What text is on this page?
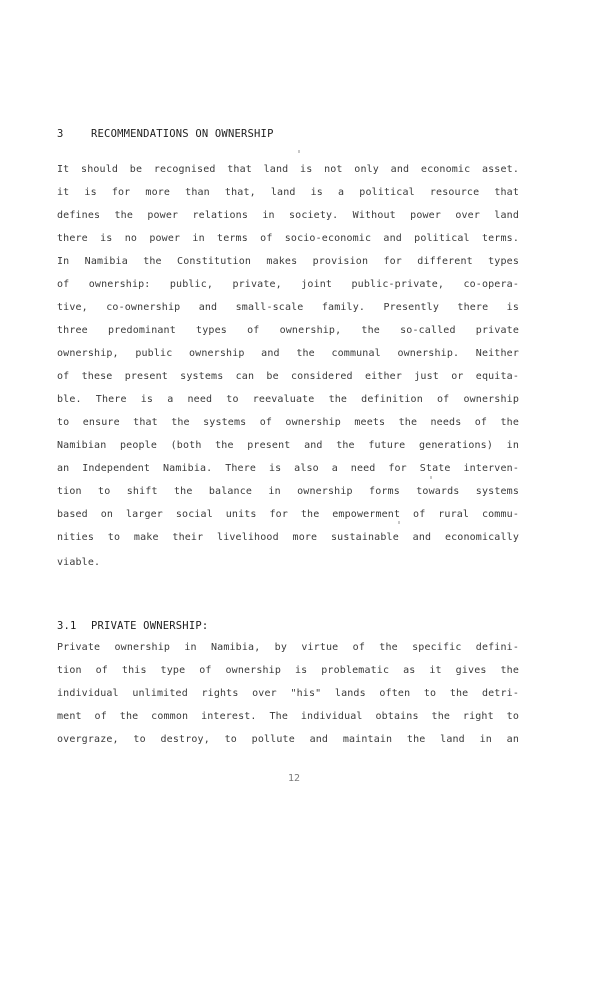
3	RECOMMENDATIONS ON OWNERSHIP
It should be recognised that land is not only and economic asset.
it is for more than that, land is a political resource that
defines the power relations in society. Without power over land
there is no power in terms of socio-economic and political terms.
In Namibia the Constitution makes provision for different types
of ownership: public, private, joint public-private, co-opera-
tive, co-ownership and small-scale family. Presently there is
three predominant types of ownership, the so-called private
ownership, public ownership and the communal ownership. Neither
of these present systems can be considered either just or equita-
ble. There is a need to reevaluate the definition of ownership
to ensure that the systems of ownership meets the needs of the
Namibian people (both the present and the future generations) in
an Independent Namibia. There is also a need for State interven-
tion to shift the balance in ownership forms towards systems
based on larger social units for the empowerment of rural commu-
nities to make their livelihood more sustainable and economically
viable.
3.1 PRIVATE OWNERSHIP:
Private ownership in Namibia, by virtue of the specific defini-
tion of this type of ownership is problematic as it gives the
individual unlimited rights over "his" lands often to the detri-
ment of the common interest. The individual obtains the right to
overgraze, to destroy, to pollute and maintain the land in an
12
